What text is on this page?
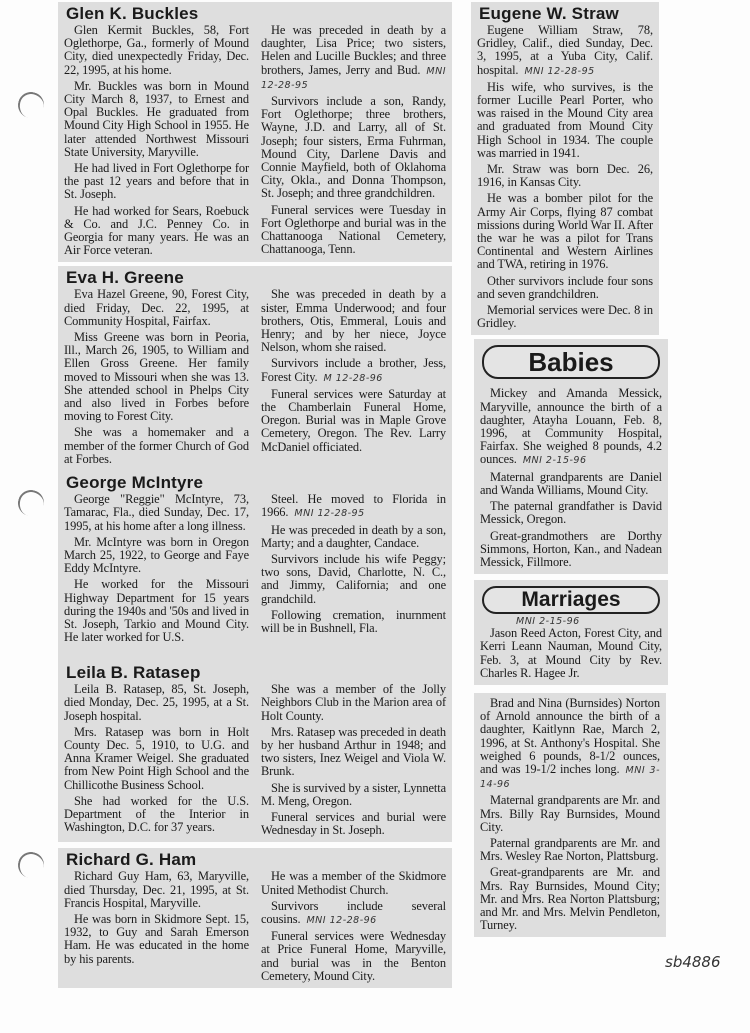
Glen K. Buckles

Glen Kermit Buckles, 58, Fort Oglethorpe, Ga., formerly of Mound City, died unexpectedly Friday, Dec. 22, 1995, at his home.

Mr. Buckles was born in Mound City March 8, 1937, to Ernest and Opal Buckles. He graduated from Mound City High School in 1955. He later attended Northwest Missouri State University, Maryville.

He had lived in Fort Oglethorpe for the past 12 years and before that in St. Joseph.

He had worked for Sears, Roebuck & Co. and J.C. Penney Co. in Georgia for many years. He was an Air Force veteran.

He was preceded in death by a daughter, Lisa Price; two sisters, Helen and Lucille Buckles; and three brothers, James, Jerry and Bud. MNI 12-28-95

Survivors include a son, Randy, Fort Oglethorpe; three brothers, Wayne, J.D. and Larry, all of St. Joseph; four sisters, Erma Fuhrman, Mound City, Darlene Davis and Connie Mayfield, both of Oklahoma City, Okla., and Donna Thompson, St. Joseph; and three grandchildren.

Funeral services were Tuesday in Fort Oglethorpe and burial was in the Chattanooga National Cemetery, Chattanooga, Tenn.

Eva H. Greene

Eva Hazel Greene, 90, Forest City, died Friday, Dec. 22, 1995, at Community Hospital, Fairfax.

Miss Greene was born in Peoria, Ill., March 26, 1905, to William and Ellen Gross Greene. Her family moved to Missouri when she was 13. She attended school in Phelps City and also lived in Forbes before moving to Forest City.

She was a homemaker and a member of the former Church of God at Forbes.

She was preceded in death by a sister, Emma Underwood; and four brothers, Otis, Emmeral, Louis and Henry; and by her niece, Joyce Nelson, whom she raised.

Survivors include a brother, Jess, Forest City. M 12-28-96

Funeral services were Saturday at the Chamberlain Funeral Home, Oregon. Burial was in Maple Grove Cemetery, Oregon. The Rev. Larry McDaniel officiated.

George McIntyre

George "Reggie" McIntyre, 73, Tamarac, Fla., died Sunday, Dec. 17, 1995, at his home after a long illness.

Mr. McIntyre was born in Oregon March 25, 1922, to George and Faye Eddy McIntyre.

He worked for the Missouri Highway Department for 15 years during the 1940s and '50s and lived in St. Joseph, Tarkio and Mound City. He later worked for U.S.

Steel. He moved to Florida in 1966. MNI 12-28-95

He was preceded in death by a son, Marty; and a daughter, Candace.

Survivors include his wife Peggy; two sons, David, Charlotte, N. C., and Jimmy, California; and one grandchild.

Following cremation, inurnment will be in Bushnell, Fla.

Leila B. Ratasep

Leila B. Ratasep, 85, St. Joseph, died Monday, Dec. 25, 1995, at a St. Joseph hospital.

Mrs. Ratasep was born in Holt County Dec. 5, 1910, to U.G. and Anna Kramer Weigel. She graduated from New Point High School and the Chillicothe Business School.

She had worked for the U.S. Department of the Interior in Washington, D.C. for 37 years.

She was a member of the Jolly Neighbors Club in the Marion area of Holt County.

Mrs. Ratasep was preceded in death by her husband Arthur in 1948; and two sisters, Inez Weigel and Viola W. Brunk.

She is survived by a sister, Lynnetta M. Meng, Oregon.

Funeral services and burial were Wednesday in St. Joseph.

Richard G. Ham

Richard Guy Ham, 63, Maryville, died Thursday, Dec. 21, 1995, at St. Francis Hospital, Maryville.

He was born in Skidmore Sept. 15, 1932, to Guy and Sarah Emerson Ham. He was educated in the home by his parents.

He was a member of the Skidmore United Methodist Church.

Survivors include several cousins. MNI 12-28-96

Funeral services were Wednesday at Price Funeral Home, Maryville, and burial was in the Benton Cemetery, Mound City.

Eugene W. Straw

Eugene William Straw, 78, Gridley, Calif., died Sunday, Dec. 3, 1995, at a Yuba City, Calif. hospital. MNI 12-28-95

His wife, who survives, is the former Lucille Pearl Porter, who was raised in the Mound City area and graduated from Mound City High School in 1934. The couple was married in 1941.

Mr. Straw was born Dec. 26, 1916, in Kansas City.

He was a bomber pilot for the Army Air Corps, flying 87 combat missions during World War II. After the war he was a pilot for Trans Continental and Western Airlines and TWA, retiring in 1976.

Other survivors include four sons and seven grandchildren.

Memorial services were Dec. 8 in Gridley.

Babies

Mickey and Amanda Messick, Maryville, announce the birth of a daughter, Atayha Louann, Feb. 8, 1996, at Community Hospital, Fairfax. She weighed 8 pounds, 4.2 ounces. MNI 2-15-96

Maternal grandparents are Daniel and Wanda Williams, Mound City.

The paternal grandfather is David Messick, Oregon.

Great-grandmothers are Dorthy Simmons, Horton, Kan., and Nadean Messick, Fillmore.

Marriages
MNI 2-15-96

Jason Reed Acton, Forest City, and Kerri Leann Nauman, Mound City, Feb. 3, at Mound City by Rev. Charles R. Hagee Jr.

Brad and Nina (Burnsides) Norton of Arnold announce the birth of a daughter, Kaitlynn Rae, March 2, 1996, at St. Anthony's Hospital. She weighed 6 pounds, 8-1/2 ounces, and was 19-1/2 inches long. MNI 3-14-96

Maternal grandparents are Mr. and Mrs. Billy Ray Burnsides, Mound City.

Paternal grandparents are Mr. and Mrs. Wesley Rae Norton, Plattsburg.

Great-grandparents are Mr. and Mrs. Ray Burnsides, Mound City; Mr. and Mrs. Rea Norton Plattsburg; and Mr. and Mrs. Melvin Pendleton, Turney.

sb4886
